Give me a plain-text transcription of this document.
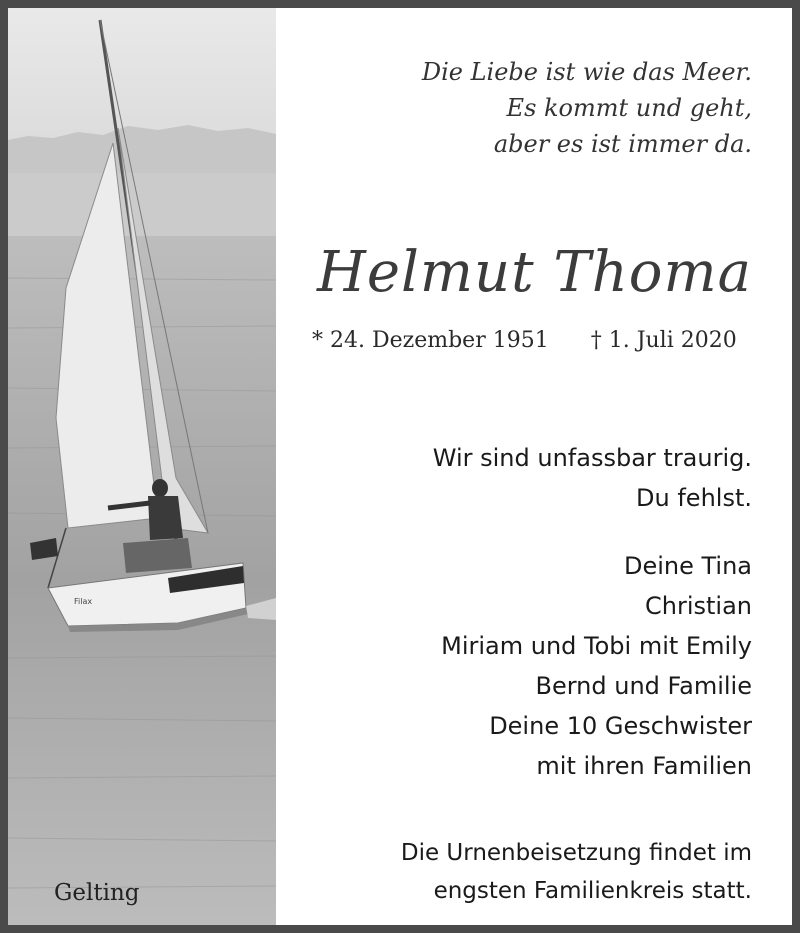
Filax
Gelting
Die Liebe ist wie das Meer.
Es kommt und geht,
aber es ist immer da.
Helmut Thoma
* 24. Dezember 1951 † 1. Juli 2020
Wir sind unfassbar traurig.
Du fehlst.
Deine Tina
Christian
Miriam und Tobi mit Emily
Bernd und Familie
Deine 10 Geschwister
mit ihren Familien
Die Urnenbeisetzung findet im
engsten Familienkreis statt.
